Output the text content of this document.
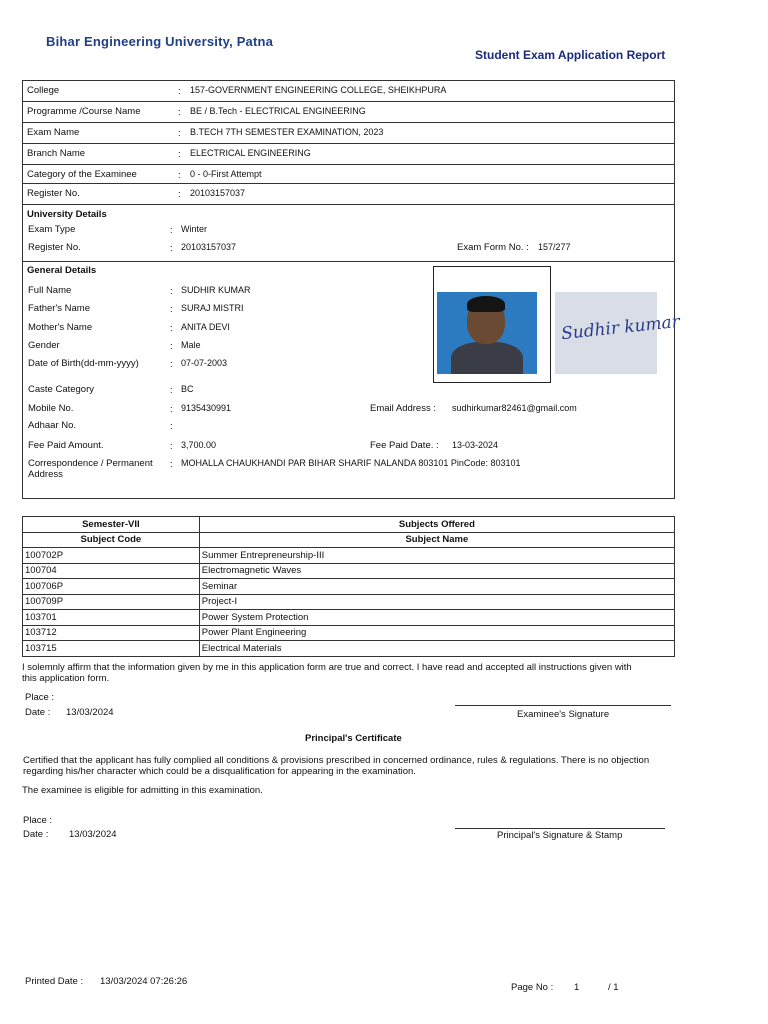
Bihar Engineering University, Patna
Student Exam Application Report
College	: 157-GOVERNMENT ENGINEERING COLLEGE, SHEIKHPURA
Programme /Course Name	: BE / B.Tech - ELECTRICAL ENGINEERING
Exam Name	: B.TECH 7TH SEMESTER EXAMINATION, 2023
Branch Name	: ELECTRICAL ENGINEERING
Category of the Examinee	: 0 - 0-First Attempt
Register No.	: 20103157037
University Details
Exam Type	: Winter
Register No.	: 20103157037	Exam Form No. : 157/277
General Details
Full Name	: SUDHIR KUMAR
Father's Name	: SURAJ MISTRI
Mother's Name	: ANITA DEVI
Gender	: Male
Date of Birth(dd-mm-yyyy)	: 07-07-2003
Caste Category	: BC
Mobile No.	: 9135430991	Email Address : sudhirkumar82461@gmail.com
Adhaar No.	:
Fee Paid Amount.	: 3,700.00	Fee Paid Date. : 13-03-2024
Correspondence / Permanent
Address
: MOHALLA CHAUKHANDI PAR BIHAR SHARIF NALANDA 803101 PinCode: 803101
Sudhir kumar
Semester-VII	Subjects Offered
Subject Code	Subject Name
100702P	Summer Entrepreneurship-III
100704	Electromagnetic Waves
100706P	Seminar
100709P	Project-I
103701	Power System Protection
103712	Power Plant Engineering
103715	Electrical Materials
I solemnly affirm that the information given by me in this application form are true and correct. I have read and accepted all instructions given with
this application form.
Place :
Date : 13/03/2024	Examinee's Signature
Principal's Certificate
Certified that the applicant has fully complied all conditions & provisions prescribed in concerned ordinance, rules & regulations. There is no objection
regarding his/her character which could be a disqualification for appearing in the examination.
The examinee is eligible for admitting in this examination.
Place :
Date : 13/03/2024	Principal's Signature & Stamp
Printed Date : 13/03/2024 07:26:26
Page No : 1	/ 1
